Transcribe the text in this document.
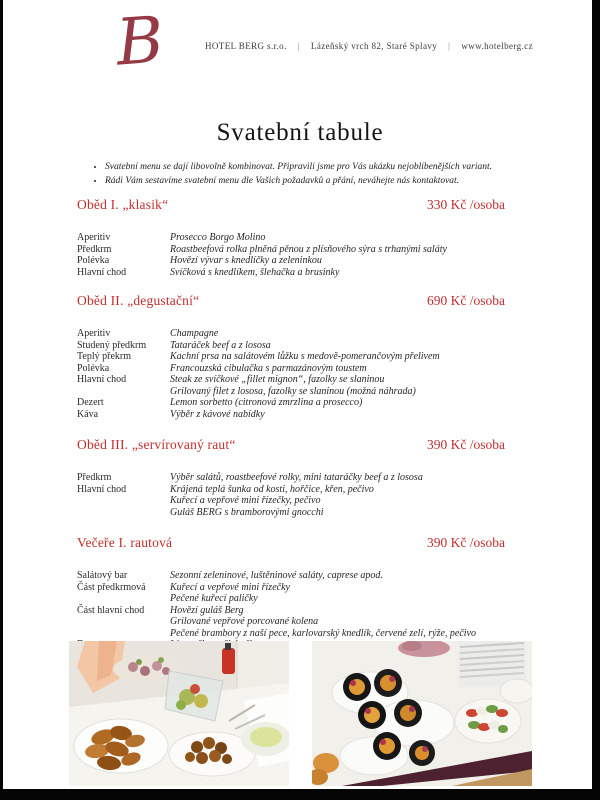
B	HOTEL BERG s.r.o. | Lázeňský vrch 82, Staré Splavy | www.hotelberg.cz
Svatební tabule
• Svatební menu se dají libovolně kombinovat. Připravili jsme pro Vás ukázku nejoblíbenějších variant.
• Rádi Vám sestavíme svatební menu dle Vašich požadavků a přání, neváhejte nás kontaktovat.
Oběd I. „klasik“	330 Kč /osoba
Aperitiv	Prosecco Borgo Molino
Předkrm	Roastbeefová rolka plněná pěnou z plísňového sýra s trhanými saláty
Polévka	Hovězí vývar s knedlíčky a zeleninkou
Hlavní chod	Svíčková s knedlíkem, šlehačka a brusinky
Oběd II. „degustační“	690 Kč /osoba
Aperitiv	Champagne
Studený předkrm	Tataráček beef a z lososa
Teplý překrm	Kachní prsa na salátovém lůžku s medově-pomerančovým přelivem
Polévka	Francouzská cibulačka s parmazánovým toustem
Hlavní chod	Steak ze svíčkové „fillet mignon“, fazolky se slaninou
Grilovaný filet z lososa, fazolky se slaninou (možná náhrada)
Dezert	Lemon sorbetto (citronová zmrzlina a prosecco)
Káva	Výběr z kávové nabídky
Oběd III. „servírovaný raut“	390 Kč /osoba
Předkrm	Výběr salátů, roastbeefové rolky, mini tataráčky beef a z lososa
Hlavní chod	Krájená teplá šunka od kosti, hořčice, křen, pečivo
Kuřecí a vepřové mini řízečky, pečivo
Guláš BERG s bramborovými gnocchi
Večeře I. rautová	390 Kč /osoba
Salátový bar	Sezonní zeleninové, luštěninové saláty, caprese apod.
Část předkrmová	Kuřecí a vepřové mini řízečky
Pečené kuřecí paličky
Část hlavní chod	Hovězí guláš Berg
Grilované vepřové porcované kolena
Pečené brambory z naší pece, karlovarský knedlík, červené zelí, rýže, pečivo
